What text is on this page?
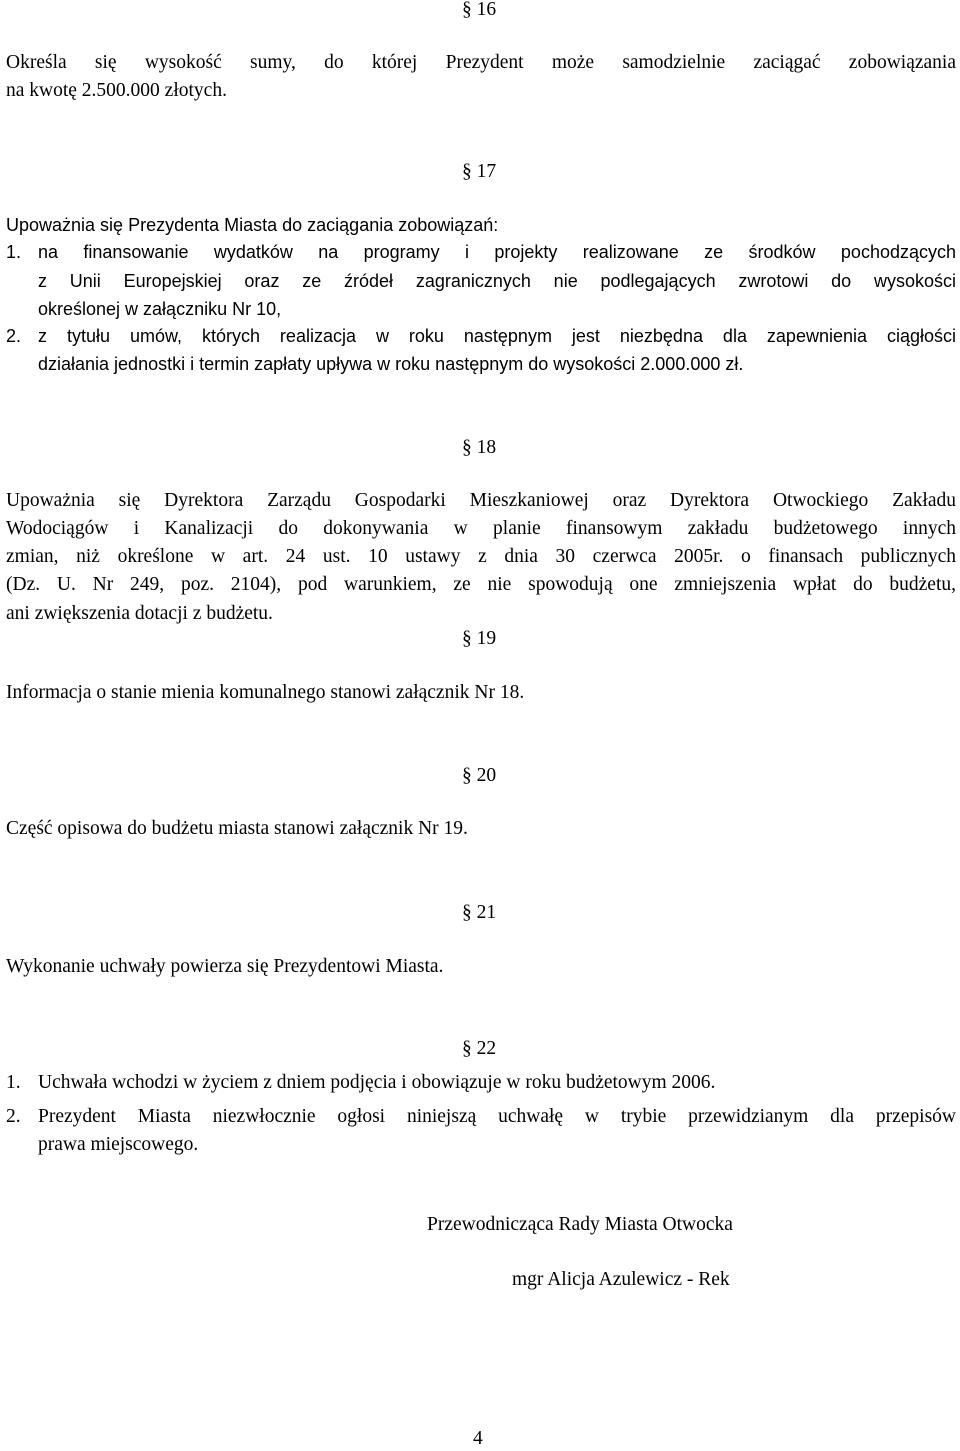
§ 16
Określa się wysokość sumy, do której Prezydent może samodzielnie zaciągać zobowiązania
na kwotę 2.500.000 złotych.
§ 17
Upoważnia się Prezydenta Miasta do zaciągania zobowiązań:
1. na finansowanie wydatków na programy i projekty realizowane ze środków pochodzących
z Unii Europejskiej oraz ze źródeł zagranicznych nie podlegających zwrotowi do wysokości
określonej w załączniku Nr 10,
2. z tytułu umów, których realizacja w roku następnym jest niezbędna dla zapewnienia ciągłości
działania jednostki i termin zapłaty upływa w roku następnym do wysokości 2.000.000 zł.
§ 18
Upoważnia się Dyrektora Zarządu Gospodarki Mieszkaniowej oraz Dyrektora Otwockiego Zakładu
Wodociągów i Kanalizacji do dokonywania w planie finansowym zakładu budżetowego innych
zmian, niż określone w art. 24 ust. 10 ustawy z dnia 30 czerwca 2005r. o finansach publicznych
(Dz. U. Nr 249, poz. 2104), pod warunkiem, ze nie spowodują one zmniejszenia wpłat do budżetu,
ani zwiększenia dotacji z budżetu.
§ 19
Informacja o stanie mienia komunalnego stanowi załącznik Nr 18.
§ 20
Część opisowa do budżetu miasta stanowi załącznik Nr 19.
§ 21
Wykonanie uchwały powierza się Prezydentowi Miasta.
§ 22
1. Uchwała wchodzi w życiem z dniem podjęcia i obowiązuje w roku budżetowym 2006.
2. Prezydent Miasta niezwłocznie ogłosi niniejszą uchwałę w trybie przewidzianym dla przepisów
prawa miejscowego.
Przewodnicząca Rady Miasta Otwocka
mgr Alicja Azulewicz - Rek
4
